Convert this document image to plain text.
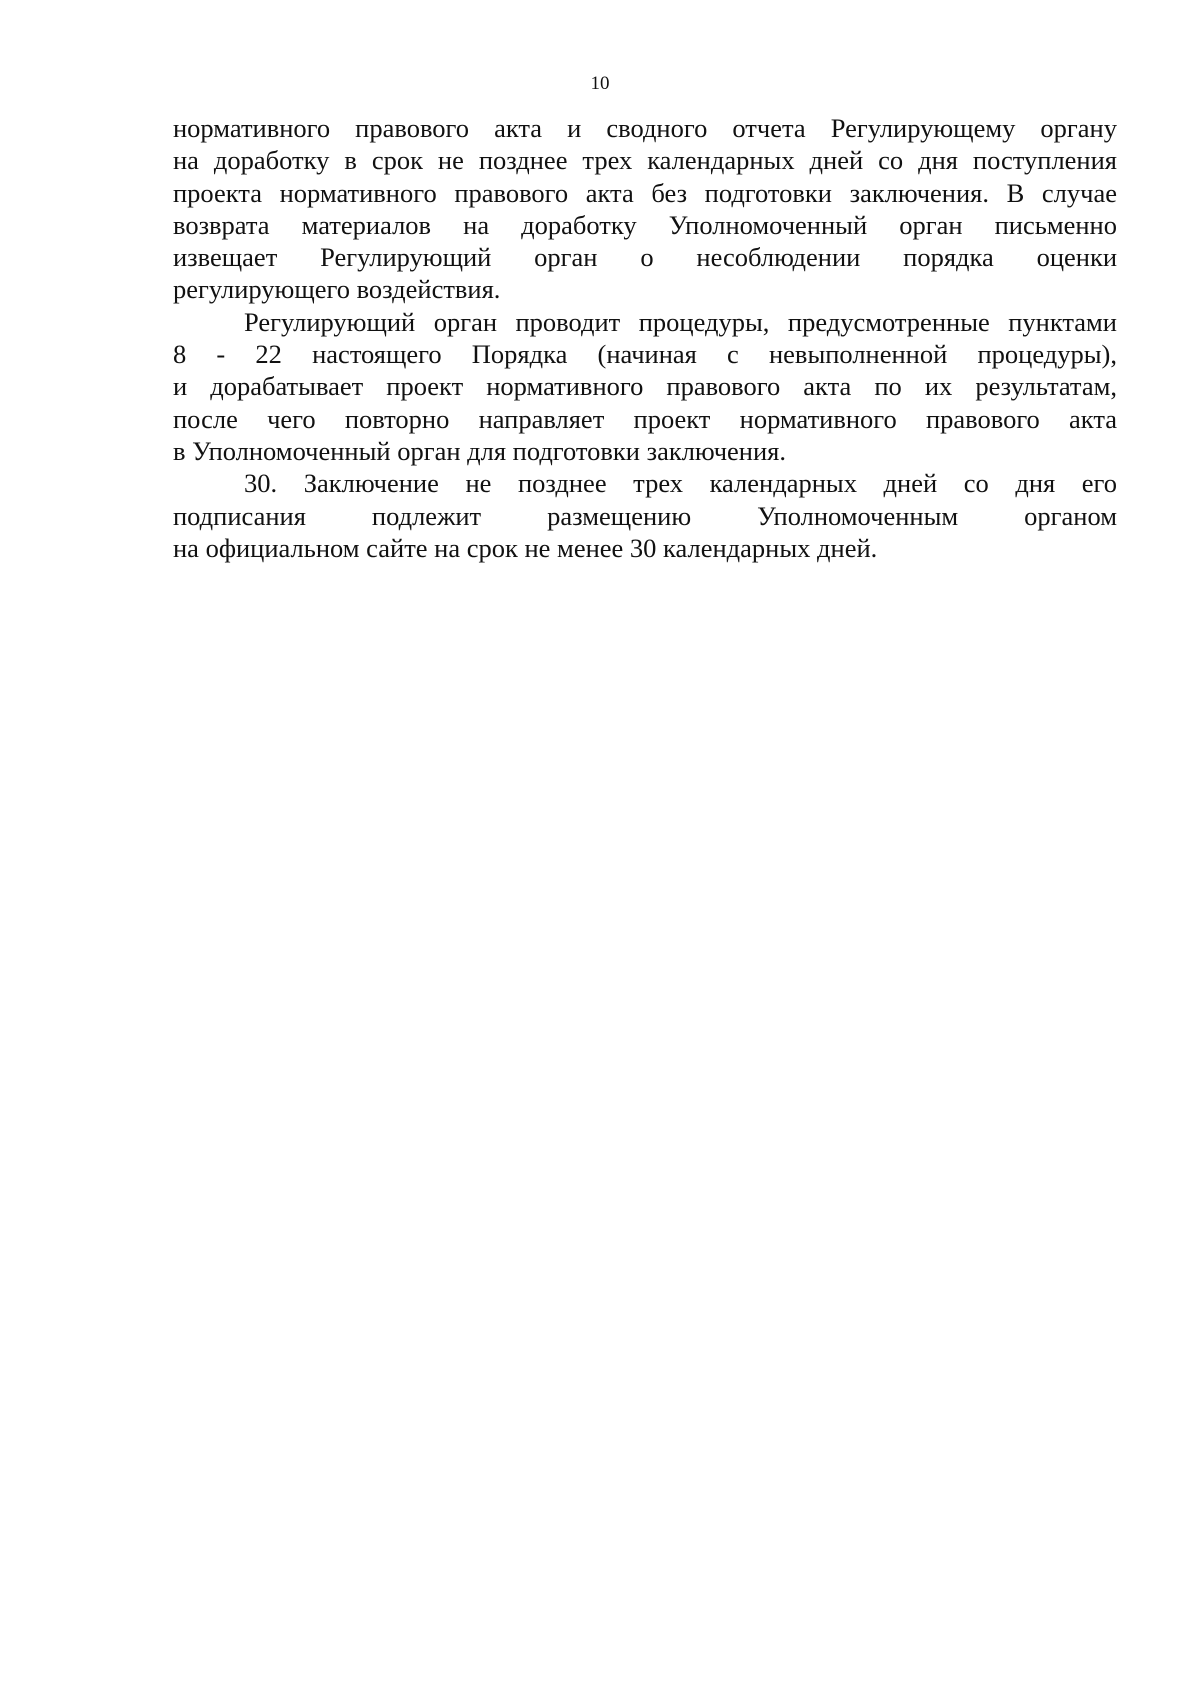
10

нормативного правового акта и сводного отчета Регулирующему органу
на доработку в срок не позднее трех календарных дней со дня поступления
проекта нормативного правового акта без подготовки заключения. В случае
возврата материалов на доработку Уполномоченный орган письменно
извещает Регулирующий орган о несоблюдении порядка оценки
регулирующего воздействия.

Регулирующий орган проводит процедуры, предусмотренные пунктами
8 - 22 настоящего Порядка (начиная с невыполненной процедуры),
и дорабатывает проект нормативного правового акта по их результатам,
после чего повторно направляет проект нормативного правового акта
в Уполномоченный орган для подготовки заключения.

30. Заключение не позднее трех календарных дней со дня его
подписания подлежит размещению Уполномоченным органом
на официальном сайте на срок не менее 30 календарных дней.
